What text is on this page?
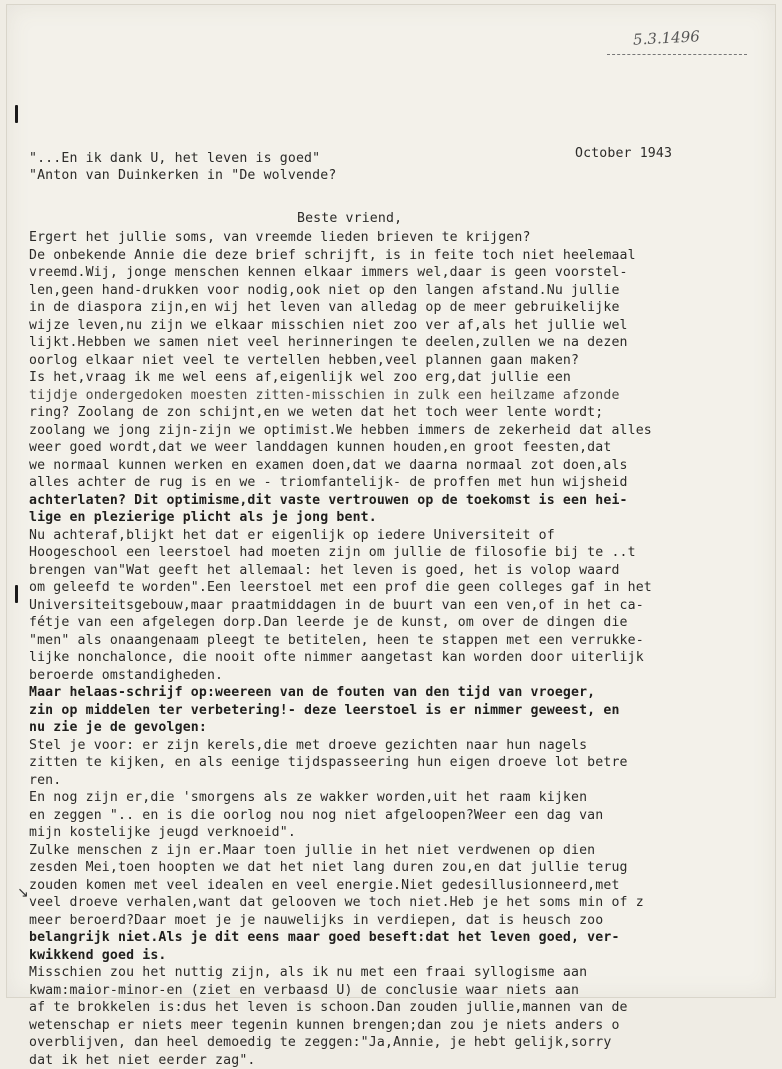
5.3.1496
"...En ik dank U, het leven is goed"
"Anton van Duinkerken in "De wolvende?
October 1943
Beste vriend,
Ergert het jullie soms, van vreemde lieden brieven te krijgen?
De onbekende Annie die deze brief schrijft, is in feite toch niet heelemaal
vreemd.Wij, jonge menschen kennen elkaar immers wel,daar is geen voorstel-
len,geen hand-drukken voor nodig,ook niet op den langen afstand.Nu jullie
in de diaspora zijn,en wij het leven van alledag op de meer gebruikelijke
wijze leven,nu zijn we elkaar misschien niet zoo ver af,als het jullie wel
lijkt.Hebben we samen niet veel herinneringen te deelen,zullen we na dezen
oorlog elkaar niet veel te vertellen hebben,veel plannen gaan maken?
Is het,vraag ik me wel eens af,eigenlijk wel zoo erg,dat jullie een
tijdje ondergedoken moesten zitten-misschien in zulk een heilzame afzonde
ring? Zoolang de zon schijnt,en we weten dat het toch weer lente wordt;
zoolang we jong zijn-zijn we optimist.We hebben immers de zekerheid dat alles
weer goed wordt,dat we weer landdagen kunnen houden,en groot feesten,dat
we normaal kunnen werken en examen doen,dat we daarna normaal zot doen,als
alles achter de rug is en we - triomfantelijk- de proffen met hun wijsheid
achterlaten? Dit optimisme,dit vaste vertrouwen op de toekomst is een hei-
lige en plezierige plicht als je jong bent.
Nu achteraf,blijkt het dat er eigenlijk op iedere Universiteit of
Hoogeschool een leerstoel had moeten zijn om jullie de filosofie bij te ..t
brengen van"Wat geeft het allemaal: het leven is goed, het is volop waard
om geleefd te worden".Een leerstoel met een prof die geen colleges gaf in het
Universiteitsgebouw,maar praatmiddagen in de buurt van een ven,of in het ca-
fétje van een afgelegen dorp.Dan leerde je de kunst, om over de dingen die
"men" als onaangenaam pleegt te betitelen, heen te stappen met een verrukke-
lijke nonchalonce, die nooit ofte nimmer aangetast kan worden door uiterlijk
beroerde omstandigheden.
Maar helaas-schrijf op:weereen van de fouten van den tijd van vroeger,
zin op middelen ter verbetering!- deze leerstoel is er nimmer geweest, en
nu zie je de gevolgen:
Stel je voor: er zijn kerels,die met droeve gezichten naar hun nagels
zitten te kijken, en als eenige tijdspasseering hun eigen droeve lot betre
ren.
En nog zijn er,die 'smorgens als ze wakker worden,uit het raam kijken
en zeggen ".. en is die oorlog nou nog niet afgeloopen?Weer een dag van
mijn kostelijke jeugd verknoeid".
Zulke menschen z ijn er.Maar toen jullie in het niet verdwenen op dien
zesden Mei,toen hoopten we dat het niet lang duren zou,en dat jullie terug
zouden komen met veel idealen en veel energie.Niet gedesillusionneerd,met
veel droeve verhalen,want dat gelooven we toch niet.Heb je het soms min of z
meer beroerd?Daar moet je je nauwelijks in verdiepen, dat is heusch zoo
belangrijk niet.Als je dit eens maar goed beseft:dat het leven goed, ver-
kwikkend goed is.
Misschien zou het nuttig zijn, als ik nu met een fraai syllogisme aan
kwam:maior-minor-en (ziet en verbaasd U) de conclusie waar niets aan
af te brokkelen is:dus het leven is schoon.Dan zouden jullie,mannen van de
wetenschap er niets meer tegenin kunnen brengen;dan zou je niets anders o
overblijven, dan heel demoedig te zeggen:"Ja,Annie, je hebt gelijk,sorry
dat ik het niet eerder zag".
↘
